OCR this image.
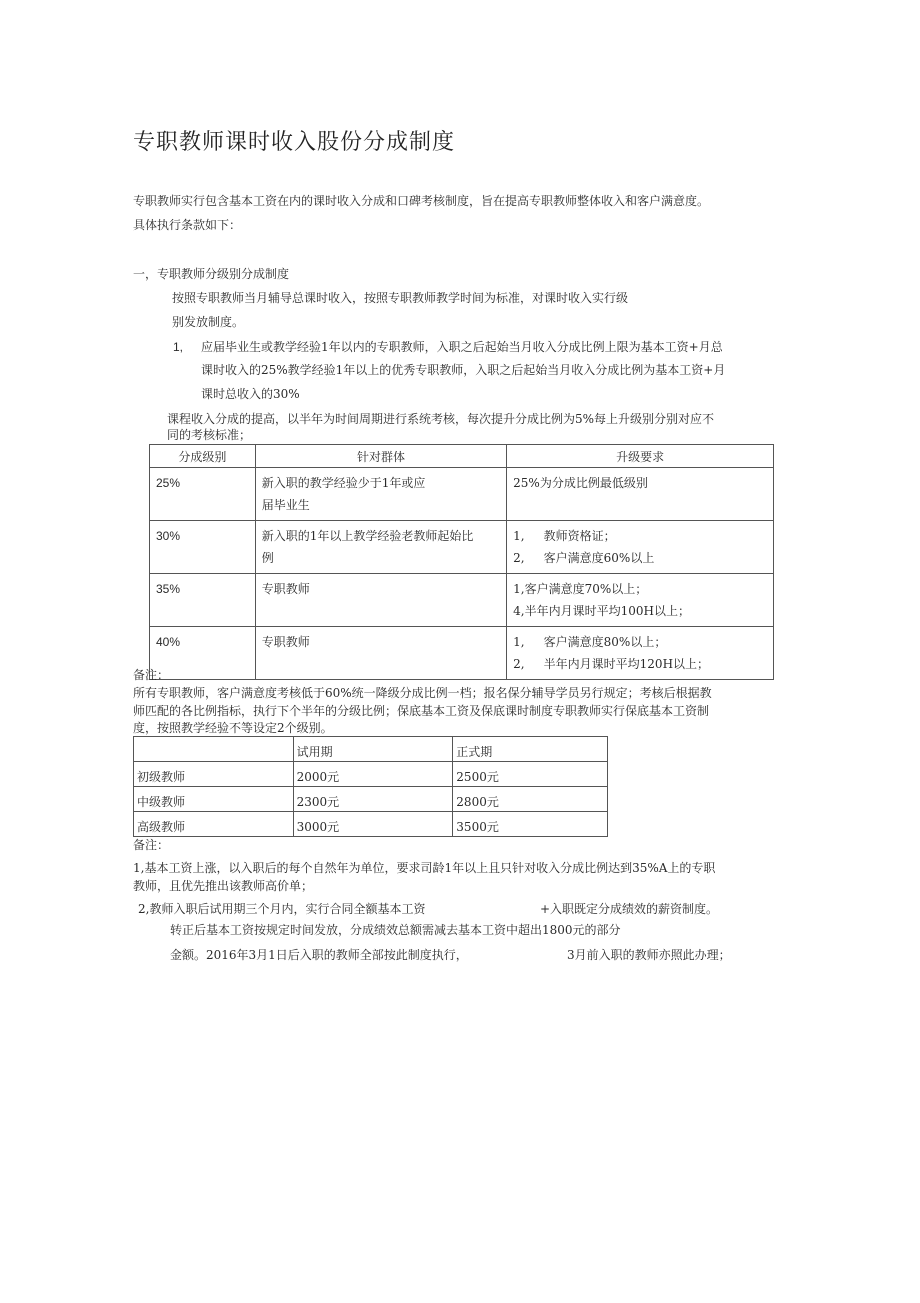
专职教师课时收入股份分成制度
专职教师实行包含基本工资在内的课时收入分成和口碑考核制度，旨在提高专职教师整体收入和客户满意度。
具体执行条款如下：
一，专职教师分级别分成制度
按照专职教师当月辅导总课时收入，按照专职教师教学时间为标准，对课时收入实行级
别发放制度。
1, 应届毕业生或教学经验1年以内的专职教师，入职之后起始当月收入分成比例上限为基本工资+月总
课时收入的25%教学经验1年以上的优秀专职教师，入职之后起始当月收入分成比例为基本工资+月
课时总收入的30%
课程收入分成的提高，以半年为时间周期进行系统考核，每次提升分成比例为5%每上升级别分别对应不
同的考核标准；
分成级别	针对群体	升级要求

25%	新入职的教学经验少于1年或应
届毕业生	25%为分成比例最低级别

30%	新入职的1年以上教学经验老教师起始比
例	1,     教师资格证；
2,     客户满意度60%以上

35%	专职教师	1,客户满意度70%以上；
4,半年内月课时平均100H以上；

40%	专职教师	1,     客户满意度80%以上；
2,     半年内月课时平均120H以上；
备注：
所有专职教师，客户满意度考核低于60%统一降级分成比例一档；报名保分辅导学员另行规定；考核后根据教
师匹配的各比例指标，执行下个半年的分级比例；保底基本工资及保底课时制度专职教师实行保底基本工资制
度，按照教学经验不等设定2个级别。
	试用期	正式期
初级教师	2000元	2500元
中级教师	2300元	2800元
高级教师	3000元	3500元
备注：
1,基本工资上涨，以入职后的每个自然年为单位，要求司龄1年以上且只针对收入分成比例达到35%A上的专职
教师，且优先推出该教师高价单；
2,教师入职后试用期三个月内，实行合同全额基本工资	+入职既定分成绩效的薪资制度。
转正后基本工资按规定时间发放，分成绩效总额需减去基本工资中超出1800元的部分
金额。2016年3月1日后入职的教师全部按此制度执行，	3月前入职的教师亦照此办理；
